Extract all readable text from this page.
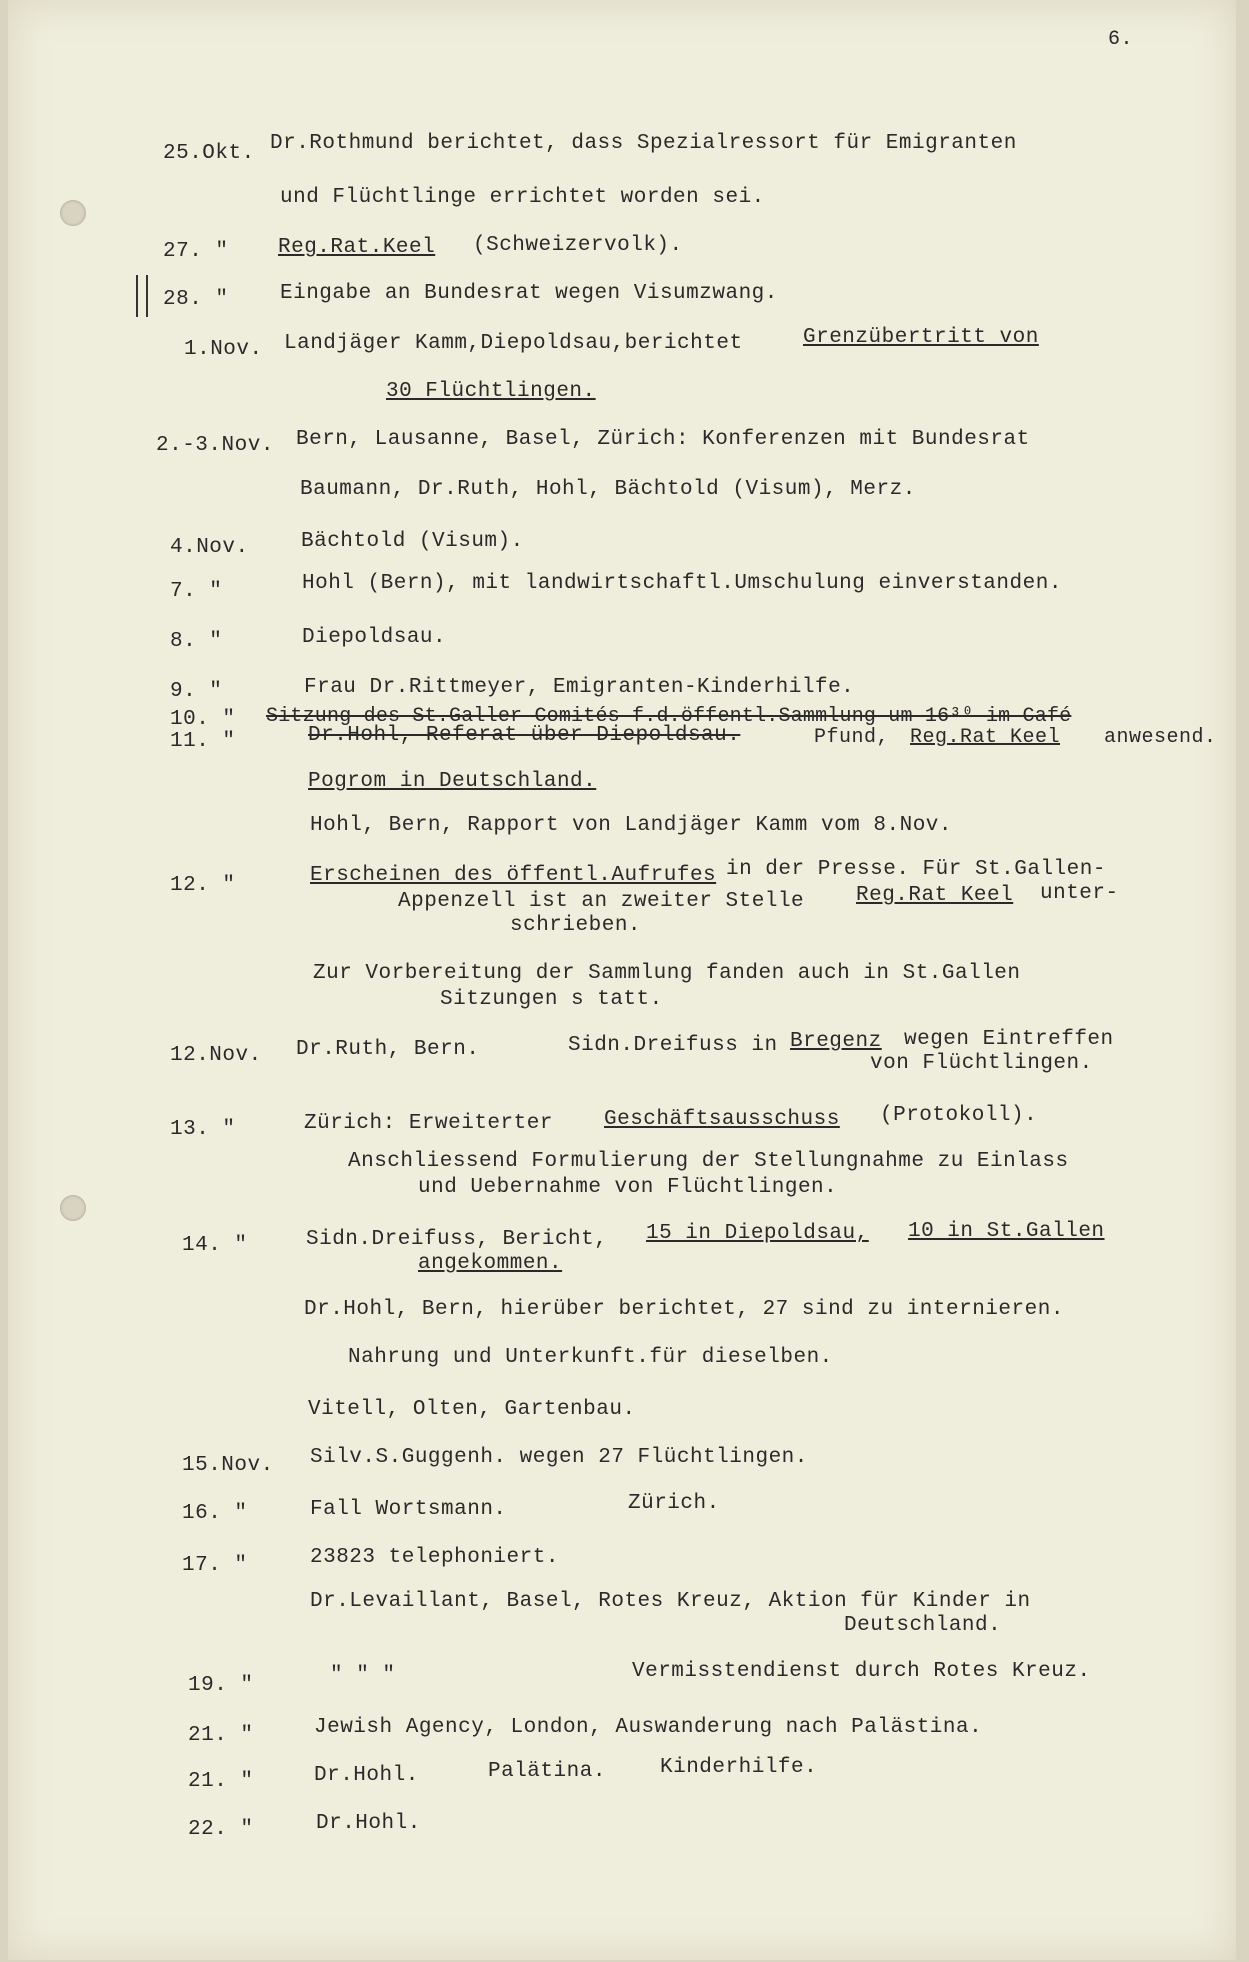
6.
25.Okt. Dr.Rothmund berichtet, dass Spezialressort für Emigranten
und Flüchtlinge errichtet worden sei.
27. " Reg.Rat.Keel (Schweizervolk).
28. " Eingabe an Bundesrat wegen Visumzwang.
1.Nov. Landjäger Kamm,Diepoldsau,berichtet	Grenzübertritt von
30 Flüchtlingen.
2.-3.Nov. Bern, Lausanne, Basel, Zürich: Konferenzen mit Bundesrat
Baumann, Dr.Ruth, Hohl, Bächtold (Visum), Merz.
4.Nov. Bächtold (Visum).
7. "	Hohl (Bern), mit landwirtschaftl.Umschulung einverstanden.
8. "	Diepoldsau.
9. "	Frau Dr.Rittmeyer, Emigranten-Kinderhilfe.
10. " Sitzung des St.Galler Comités f.d.öffentl.Sammlung um 16³⁰ im Café
11. "	Dr.Hohl, Referat über Diepoldsau.	Pfund, Reg.Rat Keel anwesend.
Pogrom in Deutschland.
Hohl, Bern, Rapport von Landjäger Kamm vom 8.Nov.
12. "	Erscheinen des öffentl.Aufrufes in der Presse. Für St.Gallen-
Appenzell ist an zweiter Stelle Reg.Rat Keel unter-
schrieben.
Zur Vorbereitung der Sammlung fanden auch in St.Gallen
Sitzungen s tatt.
12.Nov. Dr.Ruth, Bern.	Sidn.Dreifuss in Bregenz wegen Eintreffen
von Flüchtlingen.
13. "	Zürich: Erweiterter Geschäftsausschuss (Protokoll).
Anschliessend Formulierung der Stellungnahme zu Einlass
und Uebernahme von Flüchtlingen.
14. "	Sidn.Dreifuss, Bericht, 15 in Diepoldsau, 10 in St.Gallen
angekommen.
Dr.Hohl, Bern, hierüber berichtet, 27 sind zu internieren.
Nahrung und Unterkunft.für dieselben.
Vitell, Olten, Gartenbau.
15.Nov. Silv.S.Guggenh. wegen 27 Flüchtlingen.
16. "	Fall Wortsmann.	Zürich.
17. "	23823 telephoniert.
Dr.Levaillant, Basel, Rotes Kreuz, Aktion für Kinder in
Deutschland.
19. "	" " "	Vermisstendienst durch Rotes Kreuz.
21. "	Jewish Agency, London, Auswanderung nach Palästina.
21. "	Dr.Hohl.	Palätina.	Kinderhilfe.
22. "	Dr.Hohl.
